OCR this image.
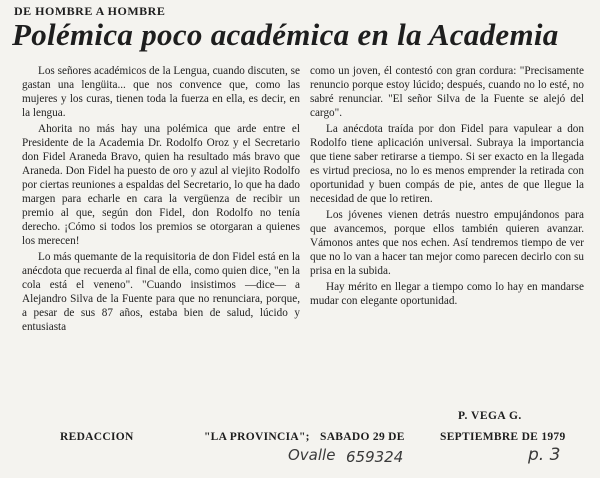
DE HOMBRE A HOMBRE
Polémica poco académica en la Academia

Los señores académicos de la Lengua, cuando discuten, se gastan una lengüita... que nos convence que, como las mujeres y los curas, tienen toda la fuerza en ella, es decir, en la lengua.

Ahorita no más hay una polémica que arde entre el Presidente de la Academia Dr. Rodolfo Oroz y el Secretario don Fidel Araneda Bravo, quien ha resultado más bravo que Araneda. Don Fidel ha puesto de oro y azul al viejito Rodolfo por ciertas reuniones a espaldas del Secretario, lo que ha dado margen para echarle en cara la vergüenza de recibir un premio al que, según don Fidel, don Rodolfo no tenía derecho. ¡Cómo si todos los premios se otorgaran a quienes los merecen!

Lo más quemante de la requisitoria de don Fidel está en la anécdota que recuerda al final de ella, como quien dice, "en la cola está el veneno". "Cuando insistimos —dice— a Alejandro Silva de la Fuente para que no renunciara, porque, a pesar de sus 87 años, estaba bien de salud, lúcido y entusiasta

como un joven, él contestó con gran cordura: "Precisamente renuncio porque estoy lúcido; después, cuando no lo esté, no sabré renunciar. "El señor Silva de la Fuente se alejó del cargo".

La anécdota traída por don Fidel para vapulear a don Rodolfo tiene aplicación universal. Subraya la importancia que tiene saber retirarse a tiempo. Si ser exacto en la llegada es virtud preciosa, no lo es menos emprender la retirada con oportunidad y buen compás de pie, antes de que llegue la necesidad de que lo retiren.

Los jóvenes vienen detrás nuestro empujándonos para que avancemos, porque ellos también quieren avanzar. Vámonos antes que nos echen. Así tendremos tiempo de ver que no lo van a hacer tan mejor como parecen decirlo con su prisa en la subida.

Hay mérito en llegar a tiempo como lo hay en mandarse mudar con elegante oportunidad.

P. VEGA G.
REDACCION	"LA PROVINCIA"; SABADO 29 DE	SEPTIEMBRE DE 1979
Ovalle 659324	p. 3
